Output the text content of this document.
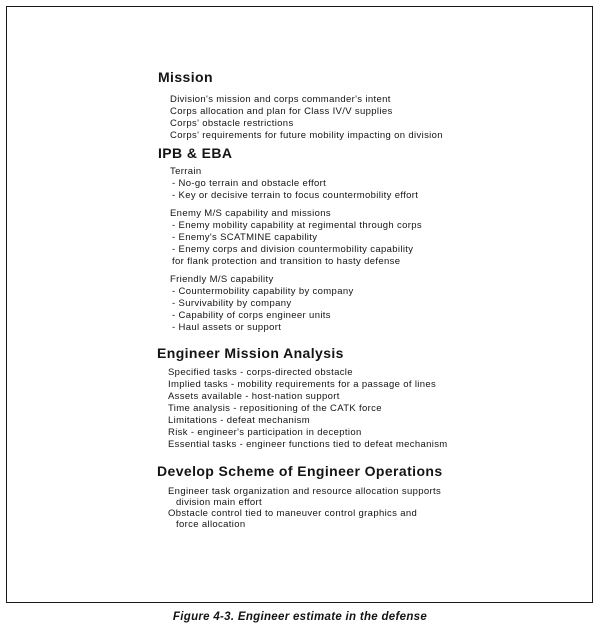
Mission
Division's mission and corps commander's intent
Corps allocation and plan for Class IV/V supplies
Corps' obstacle restrictions
Corps' requirements for future mobility impacting on division
IPB & EBA
Terrain
- No-go terrain and obstacle effort
- Key or decisive terrain to focus countermobility effort
Enemy M/S capability and missions
- Enemy mobility capability at regimental through corps
- Enemy's SCATMINE capability
- Enemy corps and division countermobility capability
for flank protection and transition to hasty defense
Friendly M/S capability
- Countermobility capability by company
- Survivability by company
- Capability of corps engineer units
- Haul assets or support
Engineer Mission Analysis
Specified tasks - corps-directed obstacle
Implied tasks - mobility requirements for a passage of lines
Assets available - host-nation support
Time analysis - repositioning of the CATK force
Limitations - defeat mechanism
Risk - engineer's participation in deception
Essential tasks - engineer functions tied to defeat mechanism
Develop Scheme of Engineer Operations
Engineer task organization and resource allocation supports
division main effort
Obstacle control tied to maneuver control graphics and
force allocation
Figure 4-3. Engineer estimate in the defense
